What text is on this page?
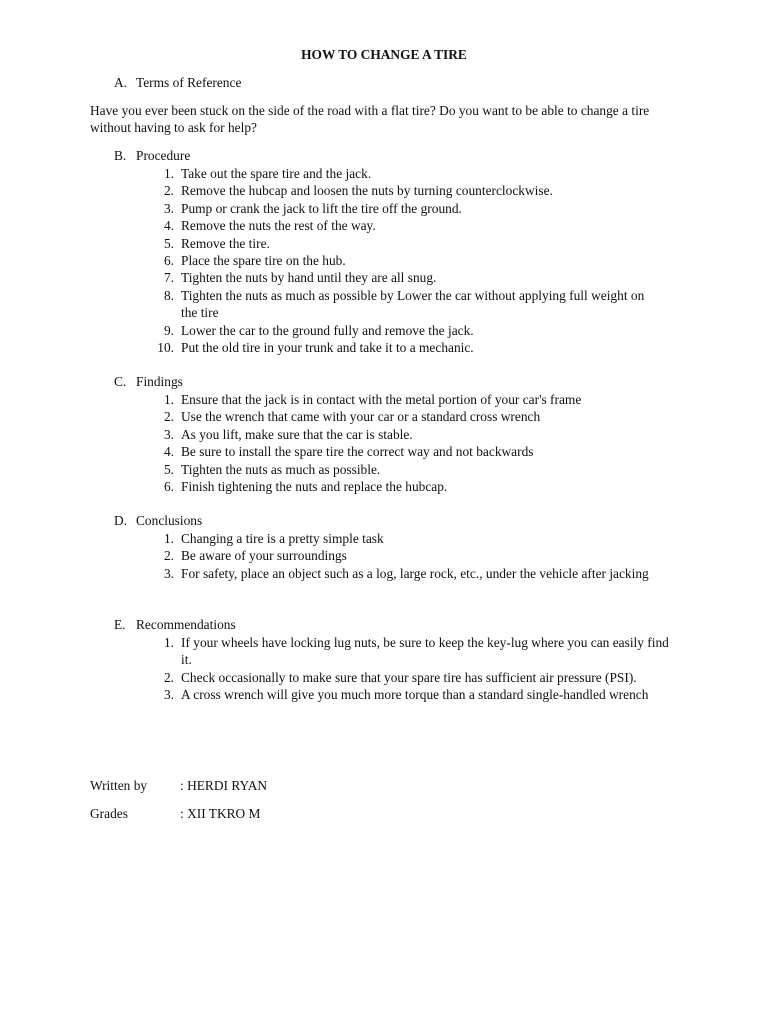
HOW TO CHANGE A TIRE
A. Terms of Reference
Have you ever been stuck on the side of the road with a flat tire? Do you want to be able to change a tire without having to ask for help?
B. Procedure
1. Take out the spare tire and the jack.
2. Remove the hubcap and loosen the nuts by turning counterclockwise.
3. Pump or crank the jack to lift the tire off the ground.
4. Remove the nuts the rest of the way.
5. Remove the tire.
6. Place the spare tire on the hub.
7. Tighten the nuts by hand until they are all snug.
8. Tighten the nuts as much as possible by Lower the car without applying full weight on the tire
9. Lower the car to the ground fully and remove the jack.
10. Put the old tire in your trunk and take it to a mechanic.
C. Findings
1. Ensure that the jack is in contact with the metal portion of your car's frame
2. Use the wrench that came with your car or a standard cross wrench
3. As you lift, make sure that the car is stable.
4. Be sure to install the spare tire the correct way and not backwards
5. Tighten the nuts as much as possible.
6. Finish tightening the nuts and replace the hubcap.
D. Conclusions
1. Changing a tire is a pretty simple task
2. Be aware of your surroundings
3. For safety, place an object such as a log, large rock, etc., under the vehicle after jacking
E. Recommendations
1. If your wheels have locking lug nuts, be sure to keep the key-lug where you can easily find it.
2. Check occasionally to make sure that your spare tire has sufficient air pressure (PSI).
3. A cross wrench will give you much more torque than a standard single-handled wrench
Written by : HERDI RYAN
Grades	: XII TKRO M
